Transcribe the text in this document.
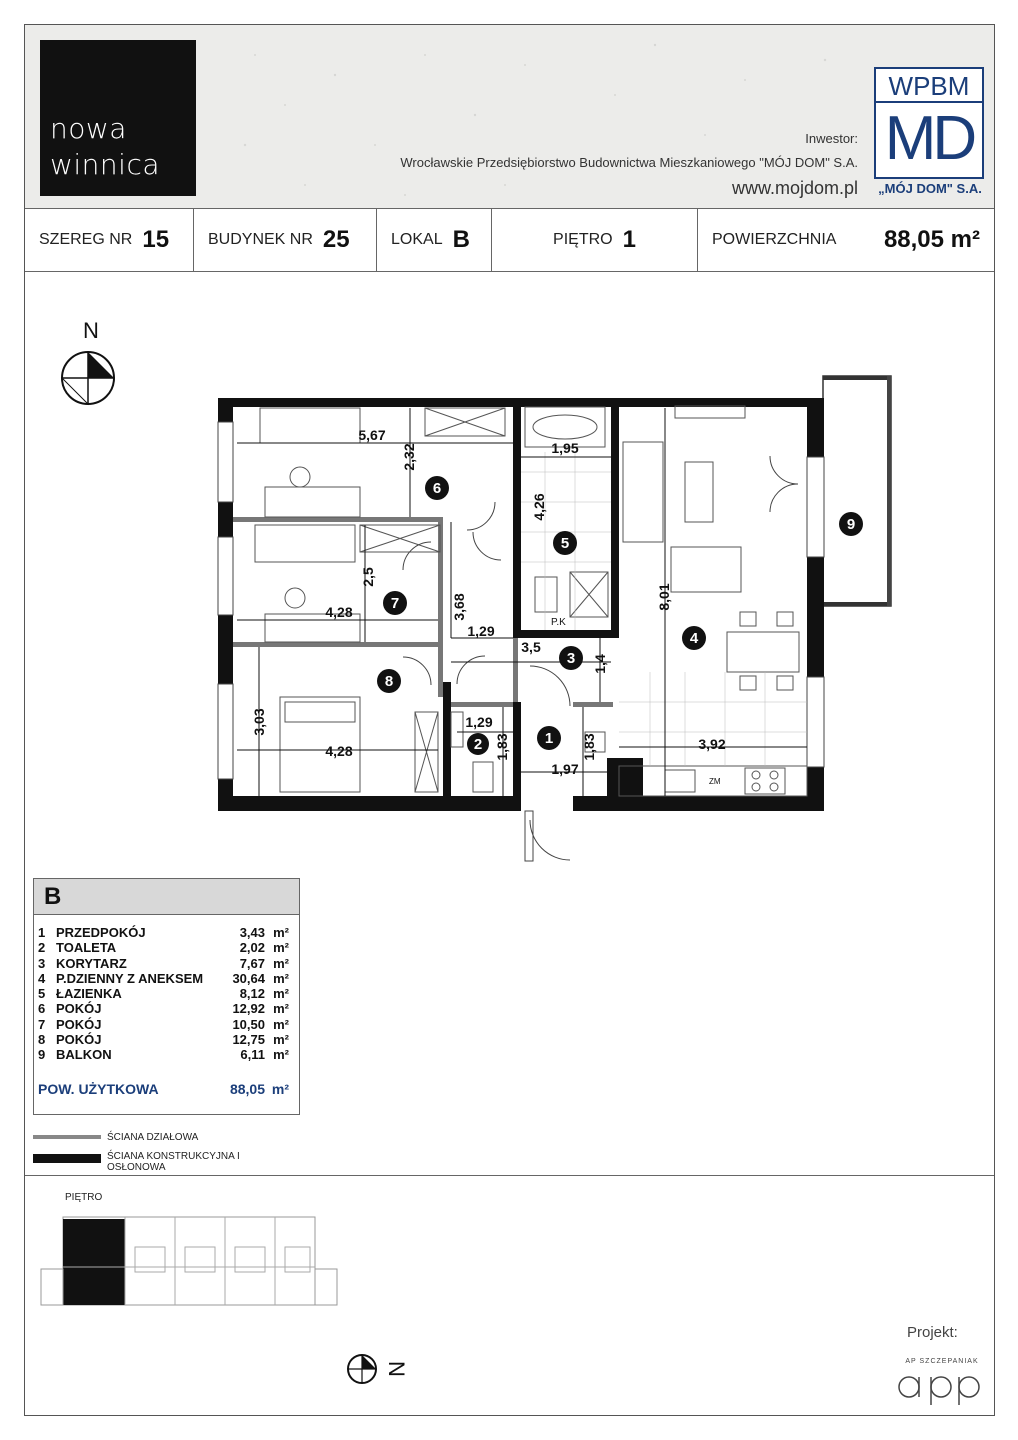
nowa
winnica
Inwestor:
Wrocławskie Przedsiębiorstwo Budownictwa Mieszkaniowego "MÓJ DOM" S.A.
www.mojdom.pl
WPBM
MD
„MÓJ DOM" S.A.
SZEREG NR 15 BUDYNEK NR 25	LOKAL B	PIĘTRO 1	POWIERZCHNIA 88,05 m²
N
5,67
2,32	1,95
4,26
8,01
2,5
4,28	3,68
1,29
3,5
1,4
3,03
4,28
1,29
1,83	1,83
1,97
3,92
P.K
ZM
1
2
3
4
5
6
7
8
9
B
1 PRZEDPOKÓJ	3,43 m²
2 TOALETA	2,02 m²
3 KORYTARZ	7,67 m²
4 P.DZIENNY Z ANEKSEM	30,64 m²
5 ŁAZIENKA	8,12 m²
6 POKÓJ	12,92 m²
7 POKÓJ	10,50 m²
8 POKÓJ	12,75 m²
9 BALKON	6,11 m²
POW. UŻYTKOWA	88,05 m²
ŚCIANA DZIAŁOWA
ŚCIANA KONSTRUKCYJNA I OSŁONOWA
PIĘTRO
N
Projekt:
AP SZCZEPANIAK
